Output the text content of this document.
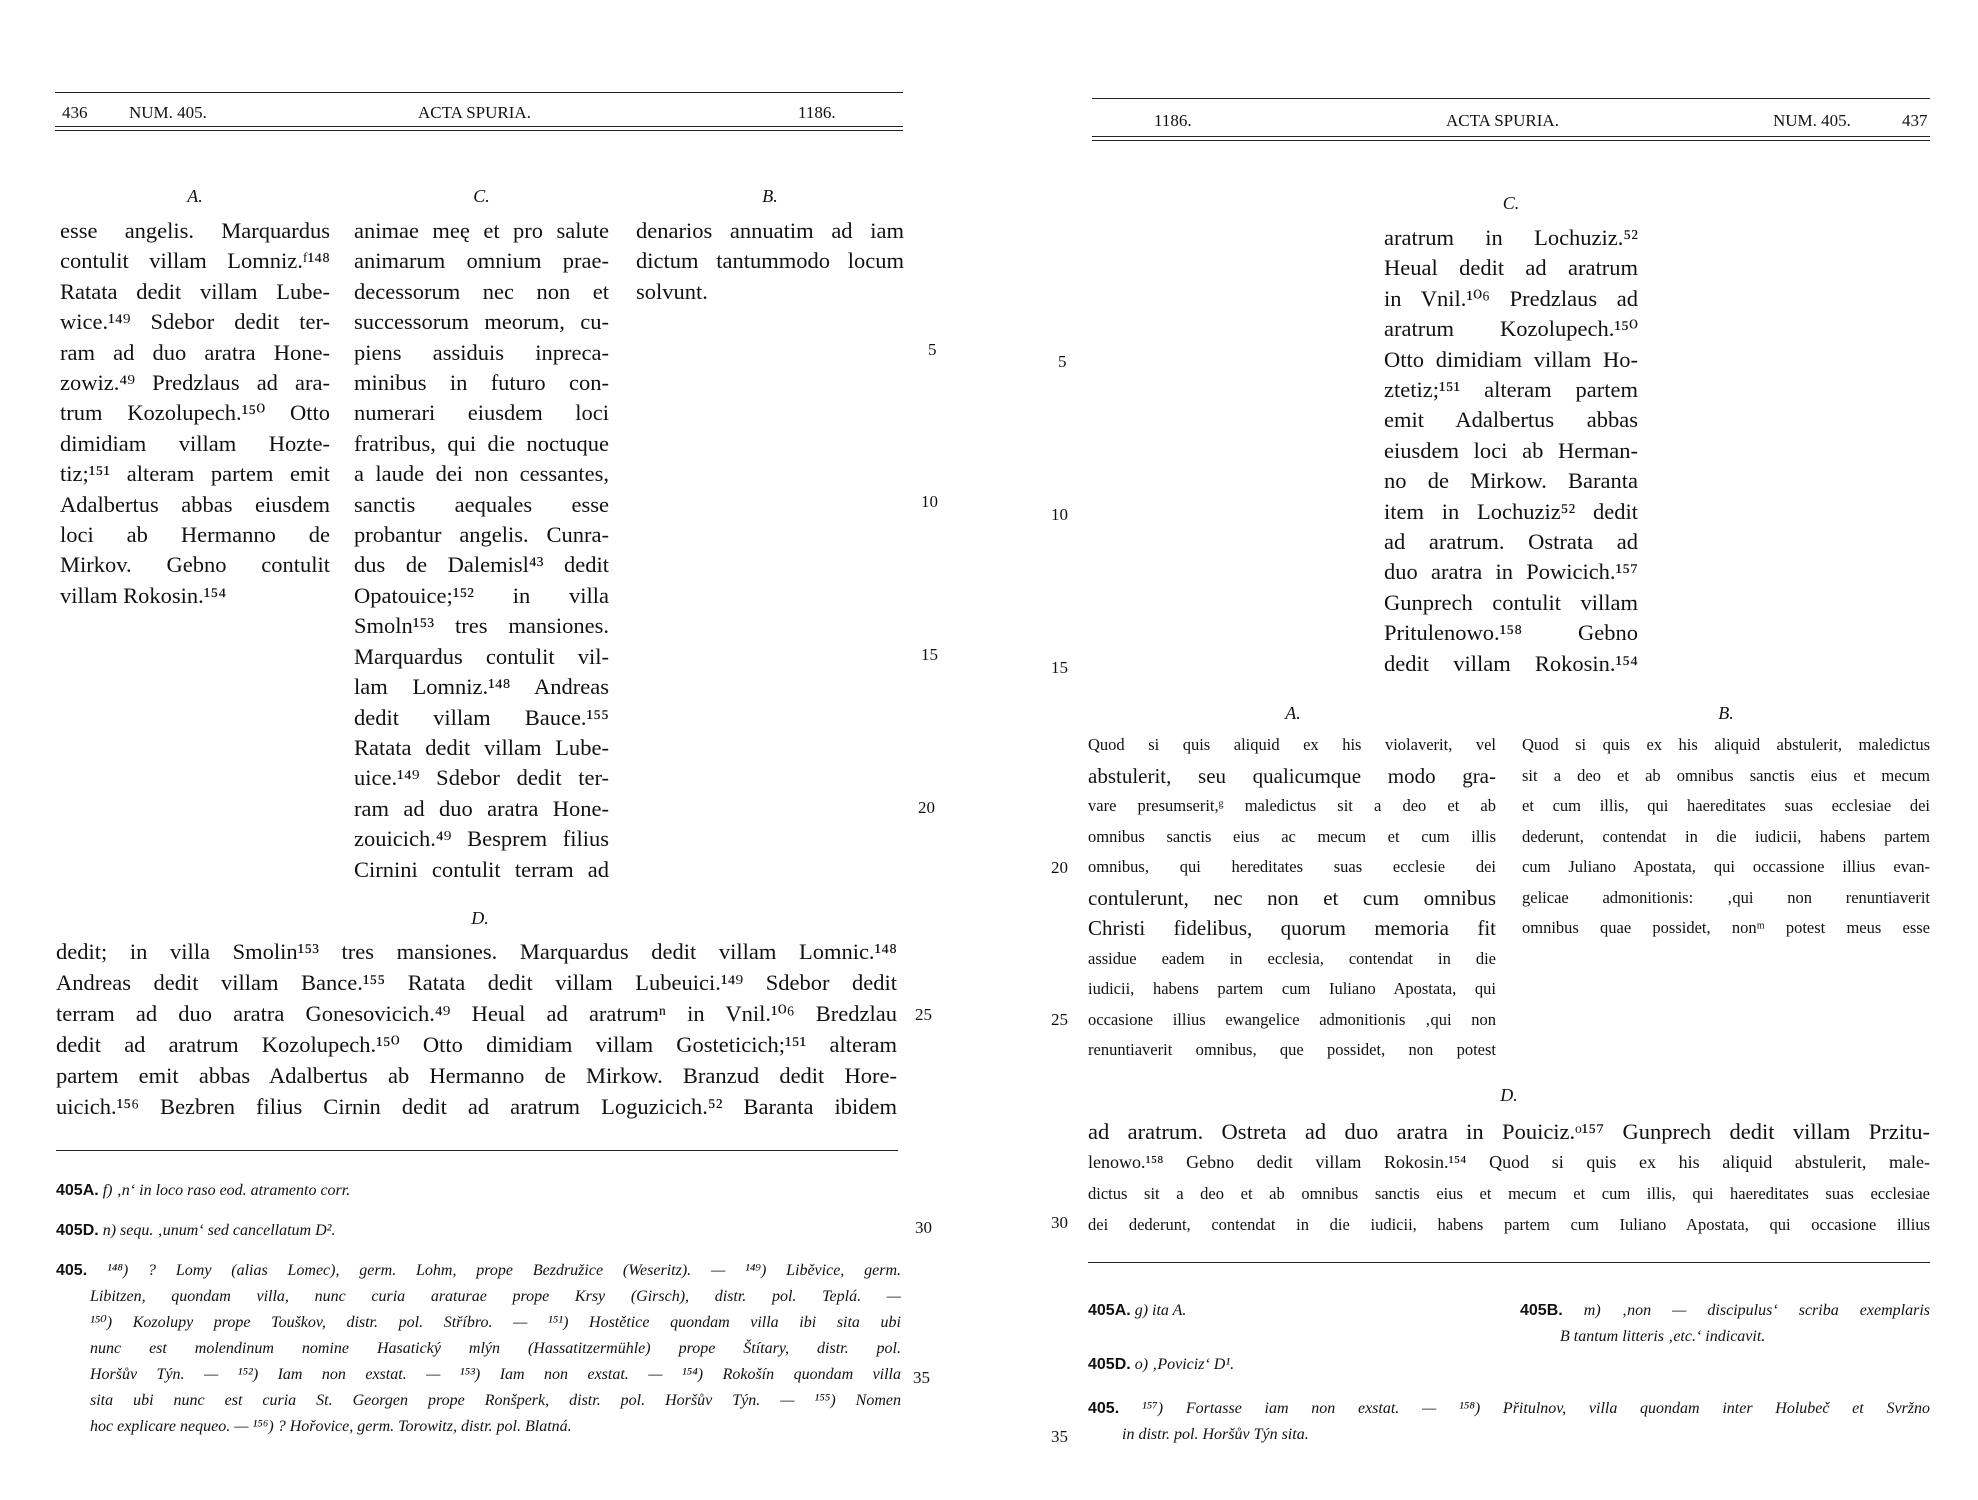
436 NUM. 405.	ACTA SPURIA.	1186.
A.	C.	B.
esse angelis. Marquardus
contulit villam Lomniz.ᶠ¹⁴⁸
Ratata dedit villam Lube-
wice.¹⁴⁹ Sdebor dedit ter-
ram ad duo aratra Hone-
zowiz.⁴⁹ Predzlaus ad ara-
trum Kozolupech.¹⁵⁰ Otto
dimidiam villam Hozte-
tiz;¹⁵¹ alteram partem emit
Adalbertus abbas eiusdem
loci ab Hermanno de
Mirkov. Gebno contulit
villam Rokosin.¹⁵⁴
animae meę et pro salute
animarum omnium prae-
decessorum nec non et
successorum meorum, cu-
piens assiduis inpreca-
minibus in futuro con-
numerari eiusdem loci
fratribus, qui die noctuque
a laude dei non cessantes,
sanctis aequales esse
probantur angelis. Cunra-
dus de Dalemisl⁴³ dedit
Opatouice;¹⁵² in villa
Smoln¹⁵³ tres mansiones.
Marquardus contulit vil-
lam Lomniz.¹⁴⁸ Andreas
dedit villam Bauce.¹⁵⁵
Ratata dedit villam Lube-
uice.¹⁴⁹ Sdebor dedit ter-
ram ad duo aratra Hone-
zouicich.⁴⁹ Besprem filius
Cirnini contulit terram ad
denarios annuatim ad iam
dictum tantummodo locum
solvunt.
D.
dedit; in villa Smolin¹⁵³ tres mansiones. Marquardus dedit villam Lomnic.¹⁴⁸
Andreas dedit villam Bance.¹⁵⁵ Ratata dedit villam Lubeuici.¹⁴⁹ Sdebor dedit
terram ad duo aratra Gonesovicich.⁴⁹ Heual ad aratrumⁿ in Vnil.¹⁰⁶ Bredzlau
dedit ad aratrum Kozolupech.¹⁵⁰ Otto dimidiam villam Gosteticich;¹⁵¹ alteram
partem emit abbas Adalbertus ab Hermanno de Mirkow. Branzud dedit Hore-
uicich.¹⁵⁶ Bezbren filius Cirnin dedit ad aratrum Loguzicich.⁵² Baranta ibidem
5
10
15
20
25
30
35
405A. f) ‚n‘ in loco raso eod. atramento corr.
405D. n) sequ. ‚unum‘ sed cancellatum D².
405. ¹⁴⁸) ? Lomy (alias Lomec), germ. Lohm, prope Bezdružice (Weseritz). — ¹⁴⁹) Liběvice, germ.
Libitzen, quondam villa, nunc curia araturae prope Krsy (Girsch), distr. pol. Teplá. —
¹⁵⁰) Kozolupy prope Touškov, distr. pol. Stříbro. — ¹⁵¹) Hostětice quondam villa ibi sita ubi
nunc est molendinum nomine Hasatický mlýn (Hassatitzermühle) prope Štítary, distr. pol.
Horšův Týn. — ¹⁵²) Iam non exstat. — ¹⁵³) Iam non exstat. — ¹⁵⁴) Rokošín quondam villa
sita ubi nunc est curia St. Georgen prope Ronšperk, distr. pol. Horšův Týn. — ¹⁵⁵) Nomen
hoc explicare nequeo. — ¹⁵⁶) ? Hořovice, germ. Torowitz, distr. pol. Blatná.
1186.	ACTA SPURIA.	NUM. 405.	437
C.
aratrum in Lochuziz.⁵²
Heual dedit ad aratrum
in Vnil.¹⁰⁶ Predzlaus ad
aratrum Kozolupech.¹⁵⁰
Otto dimidiam villam Ho-
ztetiz;¹⁵¹ alteram partem
emit Adalbertus abbas
eiusdem loci ab Herman-
no de Mirkow. Baranta
item in Lochuziz⁵² dedit
ad aratrum. Ostrata ad
duo aratra in Powicich.¹⁵⁷
Gunprech contulit villam
Pritulenowo.¹⁵⁸ Gebno
dedit villam Rokosin.¹⁵⁴
A.	B.
Quod si quis aliquid ex his violaverit, vel
abstulerit, seu qualicumque modo gra-
vare presumserit,ᵍ maledictus sit a deo et ab
omnibus sanctis eius ac mecum et cum illis
omnibus, qui hereditates suas ecclesie dei
contulerunt, nec non et cum omnibus
Christi fidelibus, quorum memoria fit
assidue eadem in ecclesia, contendat in die
iudicii, habens partem cum Iuliano Apostata, qui
occasione illius ewangelice admonitionis ‚qui non
renuntiaverit omnibus, que possidet, non potest
Quod si quis ex his aliquid abstulerit, maledictus
sit a deo et ab omnibus sanctis eius et mecum
et cum illis, qui haereditates suas ecclesiae dei
dederunt, contendat in die iudicii, habens partem
cum Juliano Apostata, qui occassione illius evan-
gelicae admonitionis: ‚qui non renuntiaverit
omnibus quae possidet, nonᵐ potest meus esse
D.
ad aratrum. Ostreta ad duo aratra in Pouiciz.ᵒ¹⁵⁷ Gunprech dedit villam Przitu-
lenowo.¹⁵⁸ Gebno dedit villam Rokosin.¹⁵⁴ Quod si quis ex his aliquid abstulerit, male-
dictus sit a deo et ab omnibus sanctis eius et mecum et cum illis, qui haereditates suas ecclesiae
dei dederunt, contendat in die iudicii, habens partem cum Iuliano Apostata, qui occasione illius
5
10
15
20
25
30
35
405A. g) ita A.	405B. m) ‚non — discipulus‘ scriba exemplaris
B tantum litteris ‚etc.‘ indicavit.
405D. o) ‚Poviciz‘ D¹.
405. ¹⁵⁷) Fortasse iam non exstat. — ¹⁵⁸) Přitulnov, villa quondam inter Holubeč et Svržno
in distr. pol. Horšův Týn sita.
